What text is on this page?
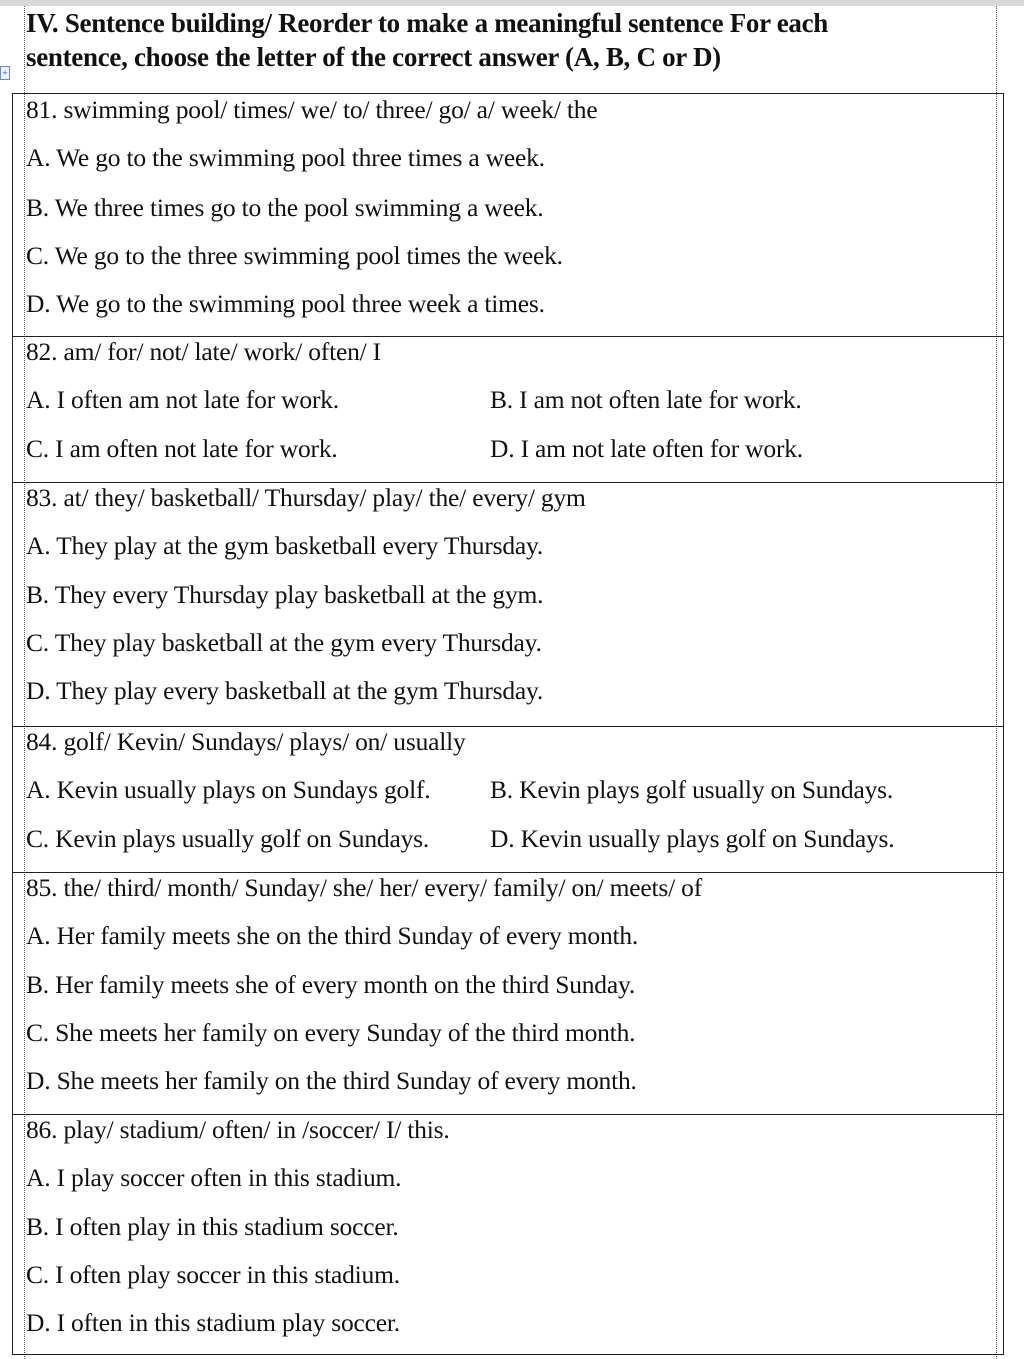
+
IV. Sentence building/ Reorder to make a meaningful sentence For each
sentence, choose the letter of the correct answer (A, B, C or D)
81. swimming pool/ times/ we/ to/ three/ go/ a/ week/ the
A. We go to the swimming pool three times a week.
B. We three times go to the pool swimming a week.
C. We go to the three swimming pool times the week.
D. We go to the swimming pool three week a times.
82. am/ for/ not/ late/ work/ often/ I
A. I often am not late for work.	B. I am not often late for work.
C. I am often not late for work.	D. I am not late often for work.
83. at/ they/ basketball/ Thursday/ play/ the/ every/ gym
A. They play at the gym basketball every Thursday.
B. They every Thursday play basketball at the gym.
C. They play basketball at the gym every Thursday.
D. They play every basketball at the gym Thursday.
84. golf/ Kevin/ Sundays/ plays/ on/ usually
A. Kevin usually plays on Sundays golf. B. Kevin plays golf usually on Sundays.
C. Kevin plays usually golf on Sundays. D. Kevin usually plays golf on Sundays.
85. the/ third/ month/ Sunday/ she/ her/ every/ family/ on/ meets/ of
A. Her family meets she on the third Sunday of every month.
B. Her family meets she of every month on the third Sunday.
C. She meets her family on every Sunday of the third month.
D. She meets her family on the third Sunday of every month.
86. play/ stadium/ often/ in /soccer/ I/ this.
A. I play soccer often in this stadium.
B. I often play in this stadium soccer.
C. I often play soccer in this stadium.
D. I often in this stadium play soccer.
